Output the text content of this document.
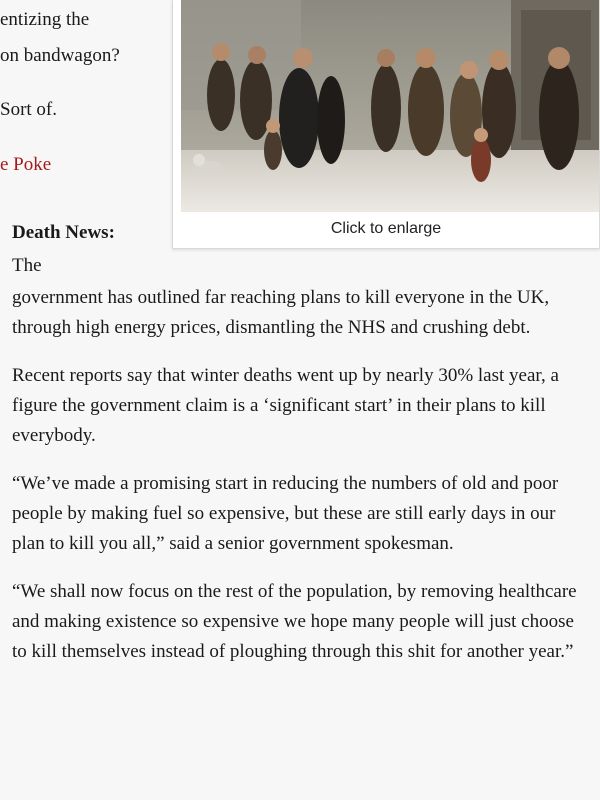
entizing the
on bandwagon?
Sort of.
e Poke
Click to enlarge
Death News:
The

government has outlined far reaching plans to kill everyone in the UK, through high energy prices, dismantling the NHS and crushing debt.

Recent reports say that winter deaths went up by nearly 30% last year, a figure the government claim is a ‘significant start’ in their plans to kill everybody.

“We’ve made a promising start in reducing the numbers of old and poor people by making fuel so expensive, but these are still early days in our plan to kill you all,” said a senior government spokesman.

“We shall now focus on the rest of the population, by removing healthcare and making existence so expensive we hope many people will just choose to kill themselves instead of ploughing through this shit for another year.”
